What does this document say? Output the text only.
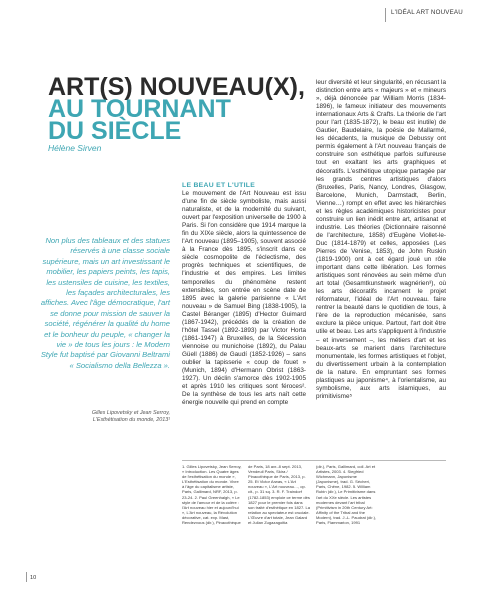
L'IDÉAL ART NOUVEAU
ART(S) NOUVEAU(X),
AU TOURNANT
DU SIÈCLE
Hélène Sirven
Non plus des tableaux et des statues réservés à une classe sociale supérieure, mais un art investissant le mobilier, les papiers peints, les tapis, les ustensiles de cuisine, les textiles, les façades architecturales, les affiches. Avec l'âge démocratique, l'art se donne pour mission de sauver la société, régénérer la qualité du home et le bonheur du peuple, « changer la vie » de tous les jours : le Modern Style fut baptisé par Giovanni Beltrami « Socialismo della Bellezza ».
Gilles Lipovetsky et Jean Serroy, L'Esthétisation du monde, 2013¹
LE BEAU ET L'UTILE
Le mouvement de l'Art Nouveau est issu d'une fin de siècle symboliste, mais aussi naturaliste, et de la modernité du suivant, ouvert par l'exposition universelle de 1900 à Paris. Si l'on considère que 1914 marque la fin du XIXe siècle, alors la quintessence de l'Art nouveau (1895–1905), souvent associé à la France dès 1895, s'inscrit dans ce siècle cosmopolite de l'éclectisme, des progrès techniques et scientifiques, de l'industrie et des empires. Les limites temporelles du phénomène restent extensibles, son entrée en scène date de 1895 avec la galerie parisienne « L'Art nouveau » de Samuel Bing (1838-1905), la Castel Béranger (1895) d'Hector Guimard (1867-1942), précédés de la création de l'hôtel Tassel (1892-1893) par Victor Horta (1861-1947) à Bruxelles, de la Sécession viennoise ou munichoise (1892), du Palau Güell (1886) de Gaudí (1852-1926) – sans oublier la tapisserie « coup de fouet » (Munich, 1894) d'Hermann Obrist (1863-1927). Un déclin s'amorce dès 1902-1905 et après 1910 les critiques sont féroces². De la synthèse de tous les arts naît cette énergie nouvelle qui prend en compte
leur diversité et leur singularité, en récusant la distinction entre arts « majeurs » et « mineurs », déjà dénoncée par William Morris (1834-1896), le fameux initiateur des mouvements internationaux Arts & Crafts. La théorie de l'art pour l'art (1835-1872), le beau est inutile) de Gautier, Baudelaire, la poésie de Mallarmé, les décadents, la musique de Debussy ont permis également à l'Art nouveau français de construire son esthétique parfois sulfureuse tout en exaltant les arts graphiques et décoratifs. L'esthétique utopique partagée par les grands centres artistiques d'alors (Bruxelles, Paris, Nancy, Londres, Glasgow, Barcelone, Munich, Darmstadt, Berlin, Vienne…) rompt en effet avec les hiérarchies et les règles académiques historicistes pour construire un lien inédit entre art, artisanat et industrie. Les théories (Dictionnaire raisonné de l'architecture, 1858) d'Eugène Viollet-le-Duc (1814-1879) et celles, apposées (Les Pierres de Venise, 1853), de John Ruskin (1819-1900) ont à cet égard joué un rôle important dans cette libération. Les formes artistiques sont rénovées au sein même d'un art total (Gesamtkunstwerk wagnérien³), où les arts décoratifs incarnent le projet réformateur, l'idéal de l'Art nouveau. faire rentrer la beauté dans le quotidien de tous, à l'ère de la reproduction mécanisée, sans exclure la pièce unique. Partout, l'art doit être utile et beau. Les arts s'appliquent à l'industrie – et inversement –, les métiers d'art et les beaux-arts se marient dans l'architecture monumentale, les formes artistiques et l'objet, du divertissement urbain à la contemplation de la nature. En empruntant ses formes plastiques au japonisme⁴, à l'orientalisme, au symbolisme, aux arts islamiques, au primitivisme⁵
1. Gilles Lipovetsky, Jean Serroy, « Introduction. Les Quatre âges de l'esthétisation du monde », L'Esthétisation du monde. Vivre à l'âge du capitalisme artiste, Paris, Gallimard, NRF, 2013, p. 23-24. 2. Paul Greenhalgh, « Le style de l'amour et de la colère : l'Art nouveau hier et aujourd'hui », L'Art nouveau, la Révolution décorative, cat. exp. Mast, Rendezvous (dir.), Pinacothèque
de Paris, 18 avr.-8 sept. 2013, Vendeuil Paris, Skira / Pinacothèque de Paris, 2013, p. 25. Et Victor Arwas, « L'Art nouveau », L'Art nouveau…, op. cit., p. 31 sq. 3. R. F. Traindorf (1782-1853) emploie ce terme dès 1827 pour le premier fois dans son traité d'esthétique en 1827. La relation au spectateur est cruciale. L'Œuvre d'art totale, Jean Galard et Julian Zugazagoitia
(dir.), Paris, Gallimard, coll. Art et Artistes, 2003. 4. Siegfried Wichmann, Japonisme (Japonisme), trad. G. Sécheri, Paris, Chêne, 1982. 5. William Rubin (dir.), Le Primitivisme dans l'art du XXe siècle. Les artistes modernes devant l'art tribal (Primitivism in 20th Century Art: Affinity of the Tribal and the Modern), trad. J.-L. Paudrat (dir.), Paris, Flammarion, 1991
10
